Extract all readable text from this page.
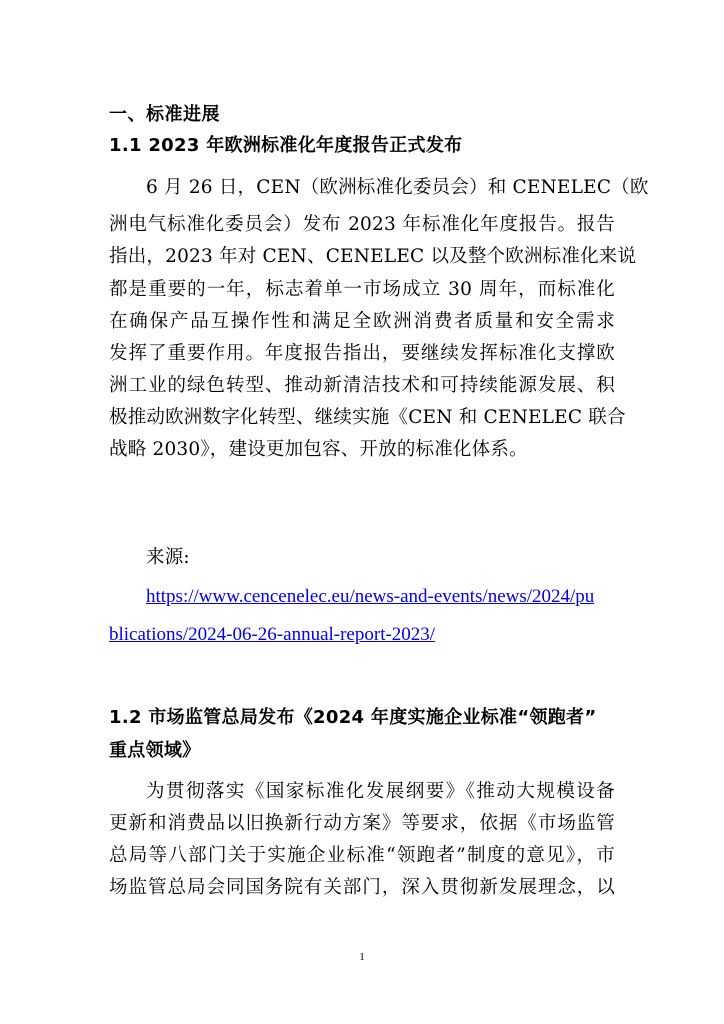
一、标准进展
1.1 2023 年欧洲标准化年度报告正式发布
6 月 26 日，CEN（欧洲标准化委员会）和 CENELEC（欧
洲电气标准化委员会）发布 2023 年标准化年度报告。报告
指出，2023 年对 CEN、CENELEC 以及整个欧洲标准化来说
都是重要的一年，标志着单一市场成立 30 周年，而标准化
在确保产品互操作性和满足全欧洲消费者质量和安全需求
发挥了重要作用。年度报告指出，要继续发挥标准化支撑欧
洲工业的绿色转型、推动新清洁技术和可持续能源发展、积
极推动欧洲数字化转型、继续实施《CEN 和 CENELEC 联合
战略 2030》，建设更加包容、开放的标准化体系。
来源:
https://www.cencenelec.eu/news-and-events/news/2024/pu
blications/2024-06-26-annual-report-2023/
1.2 市场监管总局发布《2024 年度实施企业标准“领跑者”
重点领域》
为贯彻落实《国家标准化发展纲要》《推动大规模设备
更新和消费品以旧换新行动方案》等要求，依据《市场监管
总局等八部门关于实施企业标准“领跑者”制度的意见》，市
场监管总局会同国务院有关部门，深入贯彻新发展理念，以
1
